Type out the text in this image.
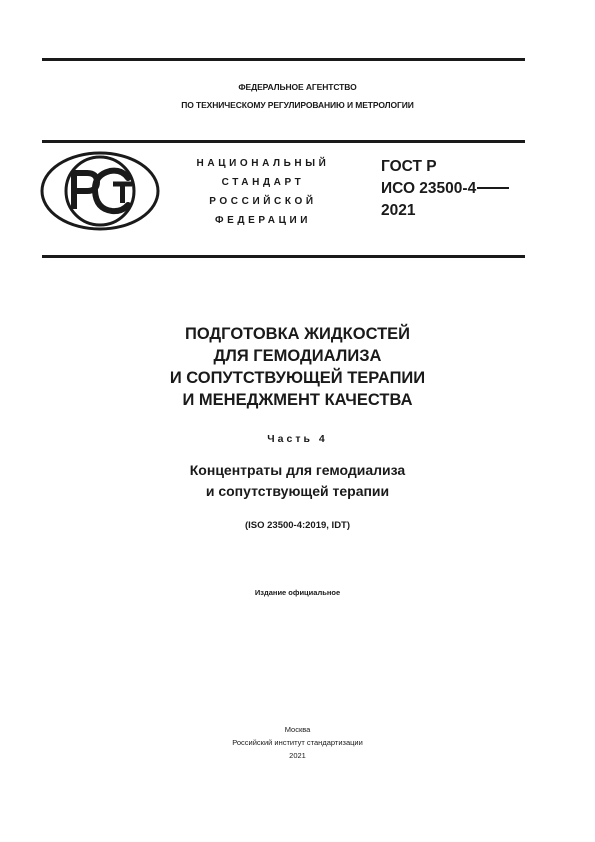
ФЕДЕРАЛЬНОЕ АГЕНТСТВО
ПО ТЕХНИЧЕСКОМУ РЕГУЛИРОВАНИЮ И МЕТРОЛОГИИ
НАЦИОНАЛЬНЫЙ
СТАНДАРТ
РОССИЙСКОЙ
ФЕДЕРАЦИИ
ГОСТ Р
ИСО 23500-4
2021
ПОДГОТОВКА ЖИДКОСТЕЙ
ДЛЯ ГЕМОДИАЛИЗА
И СОПУТСТВУЮЩЕЙ ТЕРАПИИ
И МЕНЕДЖМЕНТ КАЧЕСТВА
Часть 4
Концентраты для гемодиализа
и сопутствующей терапии
(ISO 23500-4:2019, IDT)
Издание официальное
Москва
Российский институт стандартизации
2021
